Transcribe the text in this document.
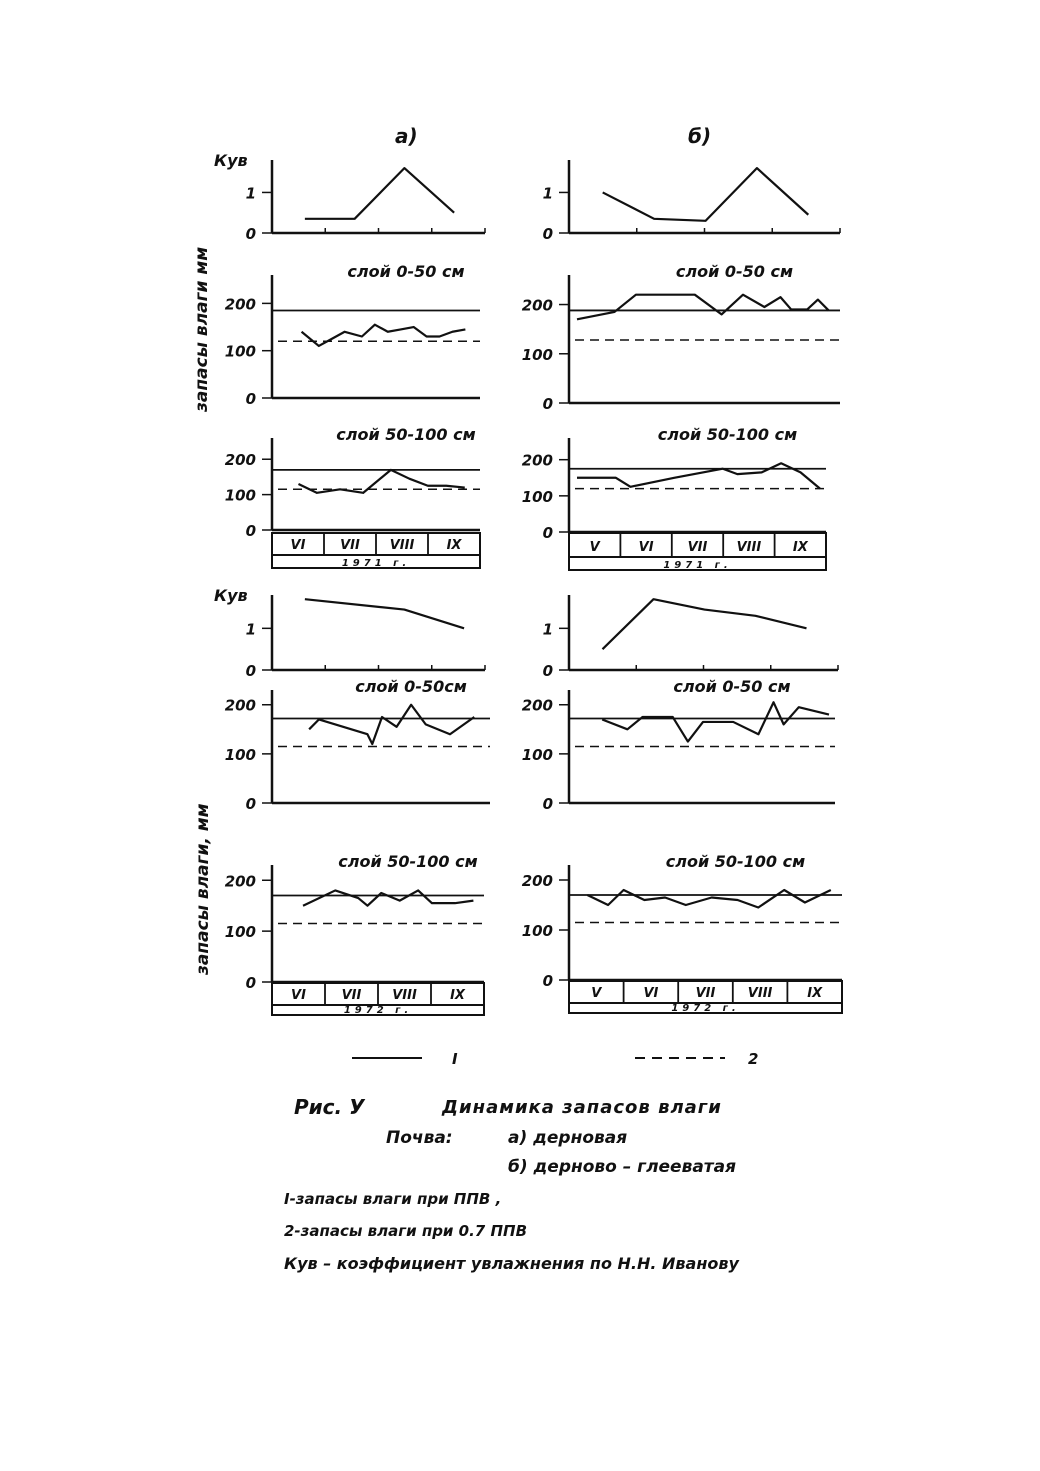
а)	б)
0
1
Кув
0
1
0
100
200
слой 0-50 см
0
100
200
слой 0-50 см
0
100
200
слой 50-100 см
VI	VII VIII IX
1971 г.
0
100
200
слой 50-100 см
V	VI	VII VIII IX
1971 г.
0
1
Кув
0
1
0
100
200
слой 0-50см
0
100
200
слой 0-50 см
0
100
200
слой 50-100 см
VI	VII VIII	IX
1972 г.
0
100
200
слой 50-100 см
V	VI	VII VIII	IX
1972 г.
запасы влаги мм
запасы влаги, мм
I	2
Рис. У	Динамика запасов влаги
Почва:	а) дерновая
б) дерново – глееватая
I-запасы влаги при ППВ ,
2-запасы влаги при 0.7 ППВ
Кув – коэффициент увлажнения по Н.Н. Иванову
